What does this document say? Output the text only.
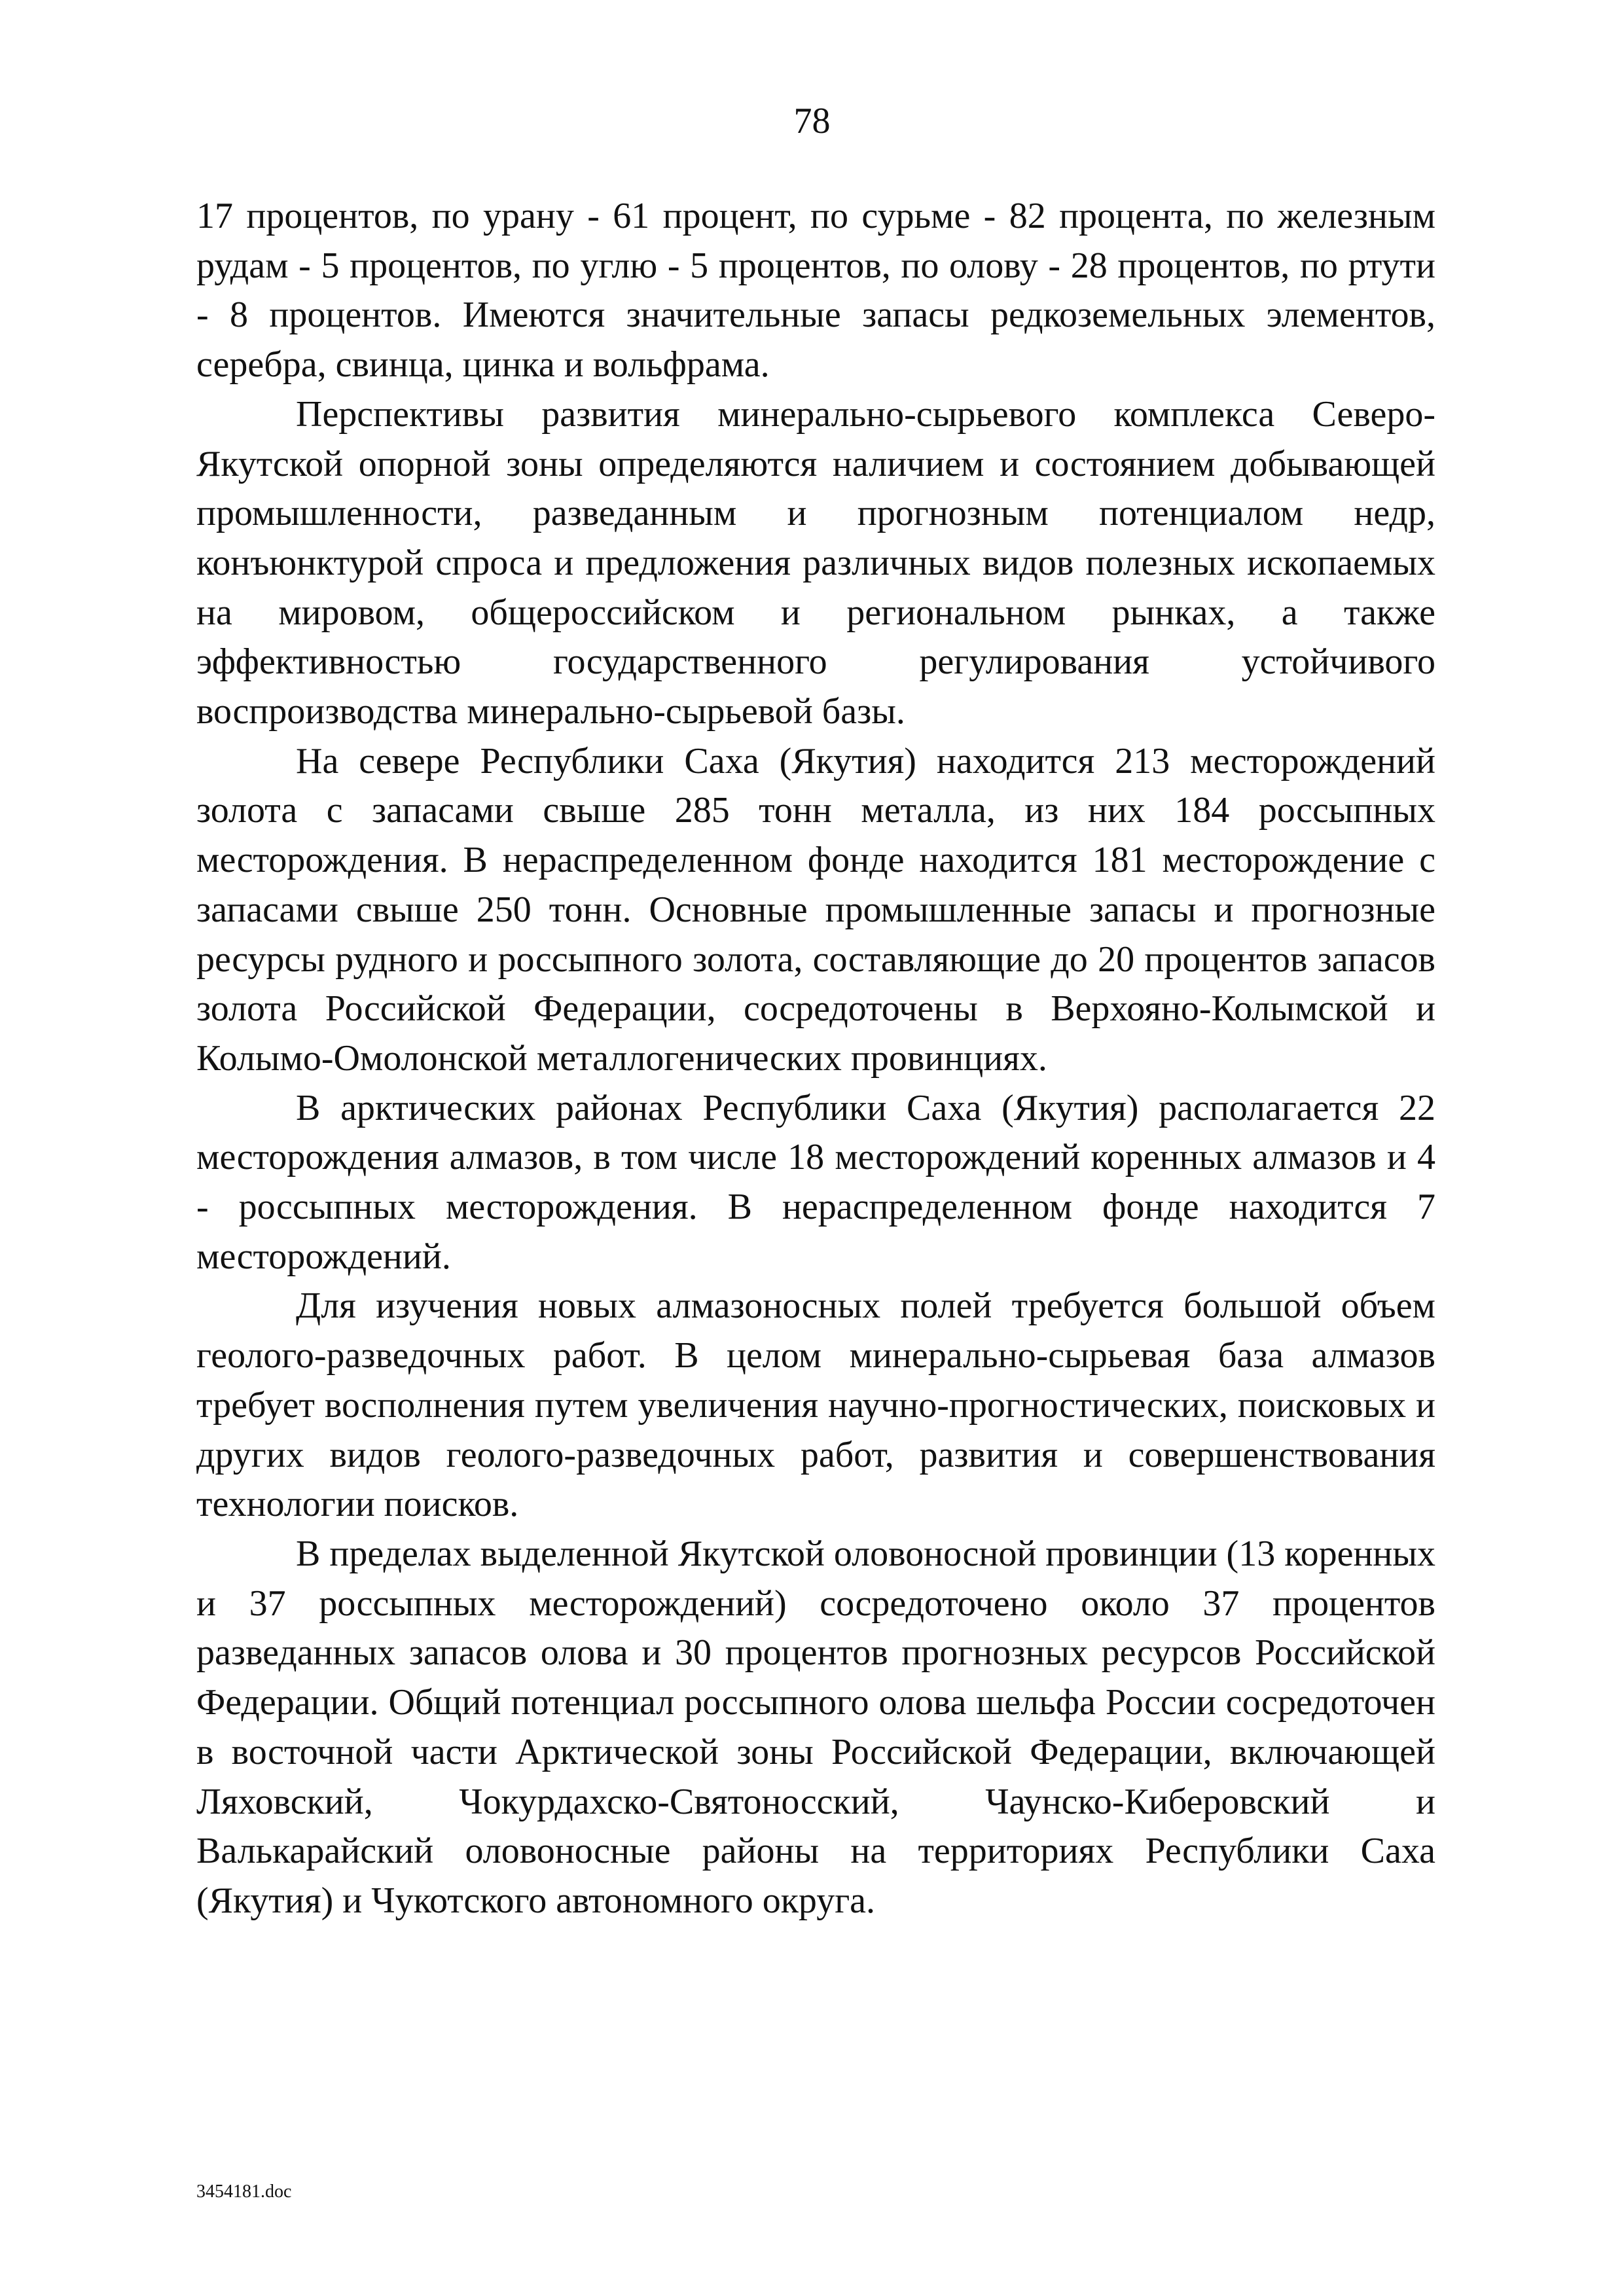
78

17 процентов, по урану - 61 процент, по сурьме - 82 процента, по железным рудам - 5 процентов, по углю - 5 процентов, по олову - 28 процентов, по ртути - 8 процентов. Имеются значительные запасы редкоземельных элементов, серебра, свинца, цинка и вольфрама.

Перспективы развития минерально-сырьевого комплекса Северо-Якутской опорной зоны определяются наличием и состоянием добывающей промышленности, разведанным и прогнозным потенциалом недр, конъюнктурой спроса и предложения различных видов полезных ископаемых на мировом, общероссийском и региональном рынках, а также эффективностью государственного регулирования устойчивого воспроизводства минерально-сырьевой базы.

На севере Республики Саха (Якутия) находится 213 месторождений золота с запасами свыше 285 тонн металла, из них 184 россыпных месторождения. В нераспределенном фонде находится 181 месторождение с запасами свыше 250 тонн. Основные промышленные запасы и прогнозные ресурсы рудного и россыпного золота, составляющие до 20 процентов запасов золота Российской Федерации, сосредоточены в Верхояно-Колымской и Колымо-Омолонской металлогенических провинциях.

В арктических районах Республики Саха (Якутия) располагается 22 месторождения алмазов, в том числе 18 месторождений коренных алмазов и 4 - россыпных месторождения. В нераспределенном фонде находится 7 месторождений.

Для изучения новых алмазоносных полей требуется большой объем геолого-разведочных работ. В целом минерально-сырьевая база алмазов требует восполнения путем увеличения научно-прогностических, поисковых и других видов геолого-разведочных работ, развития и совершенствования технологии поисков.

В пределах выделенной Якутской оловоносной провинции (13 коренных и 37 россыпных месторождений) сосредоточено около 37 процентов разведанных запасов олова и 30 процентов прогнозных ресурсов Российской Федерации. Общий потенциал россыпного олова шельфа России сосредоточен в восточной части Арктической зоны Российской Федерации, включающей Ляховский, Чокурдахско-Святоносский, Чаунско-Киберовский и Валькарайский оловоносные районы на территориях Республики Саха (Якутия) и Чукотского автономного округа.

3454181.doc
